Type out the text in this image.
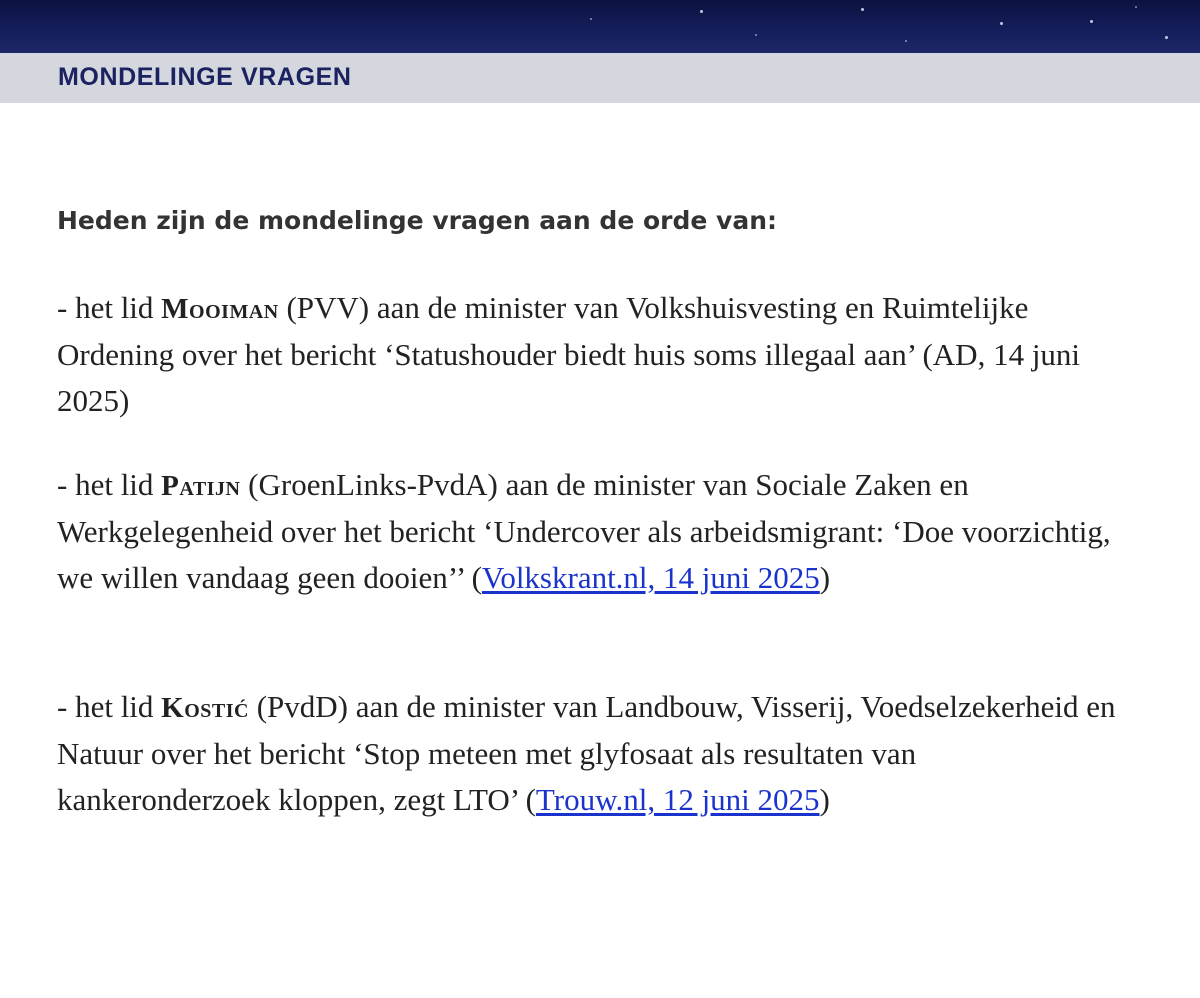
MONDELINGE VRAGEN

Heden zijn de mondelinge vragen aan de orde van:

- het lid Mooiman (PVV) aan de minister van Volkshuisvesting en Ruimtelijke Ordening over het bericht ‘Statushouder biedt huis soms illegaal aan’ (AD, 14 juni 2025)

- het lid Patijn (GroenLinks-PvdA) aan de minister van Sociale Zaken en Werkgelegenheid over het bericht ‘Undercover als arbeidsmigrant: ‘Doe voorzichtig, we willen vandaag geen dooien’’ (Volkskrant.nl, 14 juni 2025)

- het lid Kostić (PvdD) aan de minister van Landbouw, Visserij, Voedselzekerheid en Natuur over het bericht ‘Stop meteen met glyfosaat als resultaten van kankeronderzoek kloppen, zegt LTO’ (Trouw.nl, 12 juni 2025)
